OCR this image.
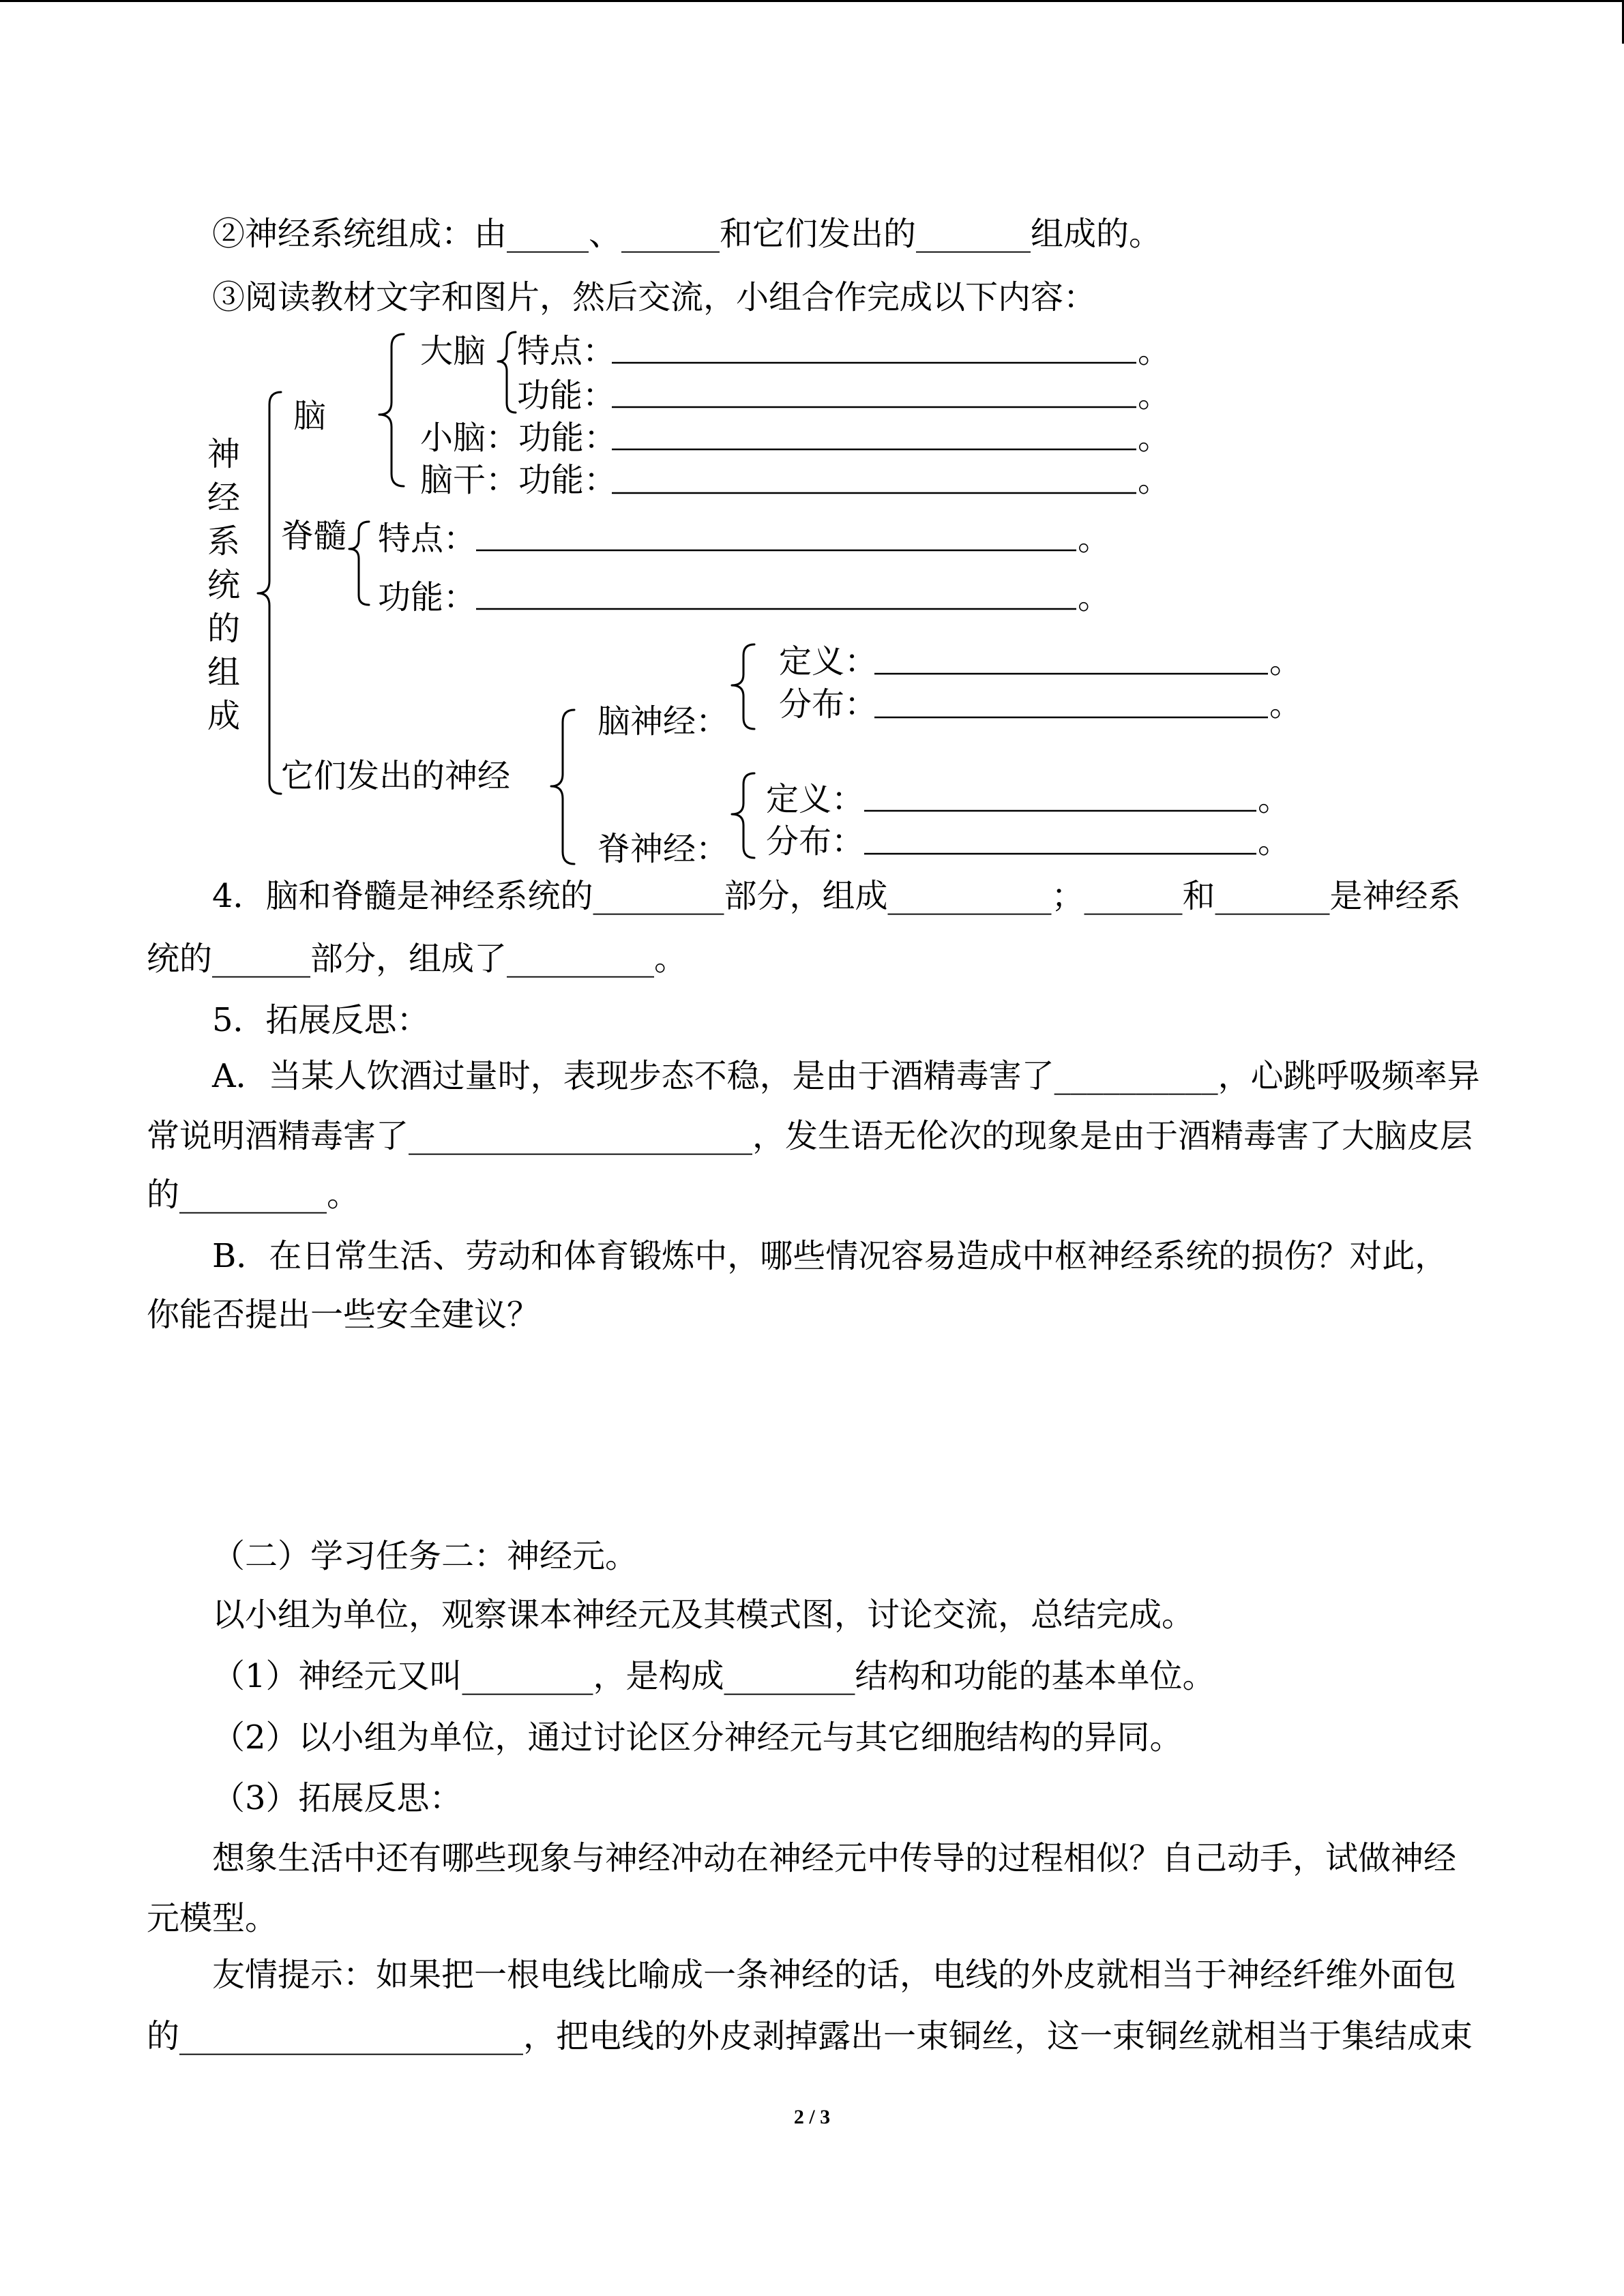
②神经系统组成：由_____、______和它们发出的_______组成的。
③阅读教材文字和图片，然后交流，小组合作完成以下内容：
神经系统的组成
脑
大脑 特点：	。
功能：	。
小脑：功能：	。
脑干：功能：	。
脊髓 特点：	。
功能：	。
它们发出的神经
脑神经：
定义：	。
分布：	。
脊神经：
定义：	。
分布：	。
4．脑和脊髓是神经系统的________部分，组成__________；______和_______是神经系
统的______部分，组成了_________。
5．拓展反思：
A．当某人饮酒过量时，表现步态不稳，是由于酒精毒害了__________，心跳呼吸频率异
常说明酒精毒害了_____________________，发生语无伦次的现象是由于酒精毒害了大脑皮层
的_________。
B．在日常生活、劳动和体育锻炼中，哪些情况容易造成中枢神经系统的损伤？对此，
你能否提出一些安全建议？
（二）学习任务二：神经元。
以小组为单位，观察课本神经元及其模式图，讨论交流，总结完成。
（1）神经元又叫________，是构成________结构和功能的基本单位。
（2）以小组为单位，通过讨论区分神经元与其它细胞结构的异同。
（3）拓展反思：
想象生活中还有哪些现象与神经冲动在神经元中传导的过程相似？自己动手，试做神经
元模型。
友情提示：如果把一根电线比喻成一条神经的话，电线的外皮就相当于神经纤维外面包
的_____________________，把电线的外皮剥掉露出一束铜丝，这一束铜丝就相当于集结成束
2 / 3
